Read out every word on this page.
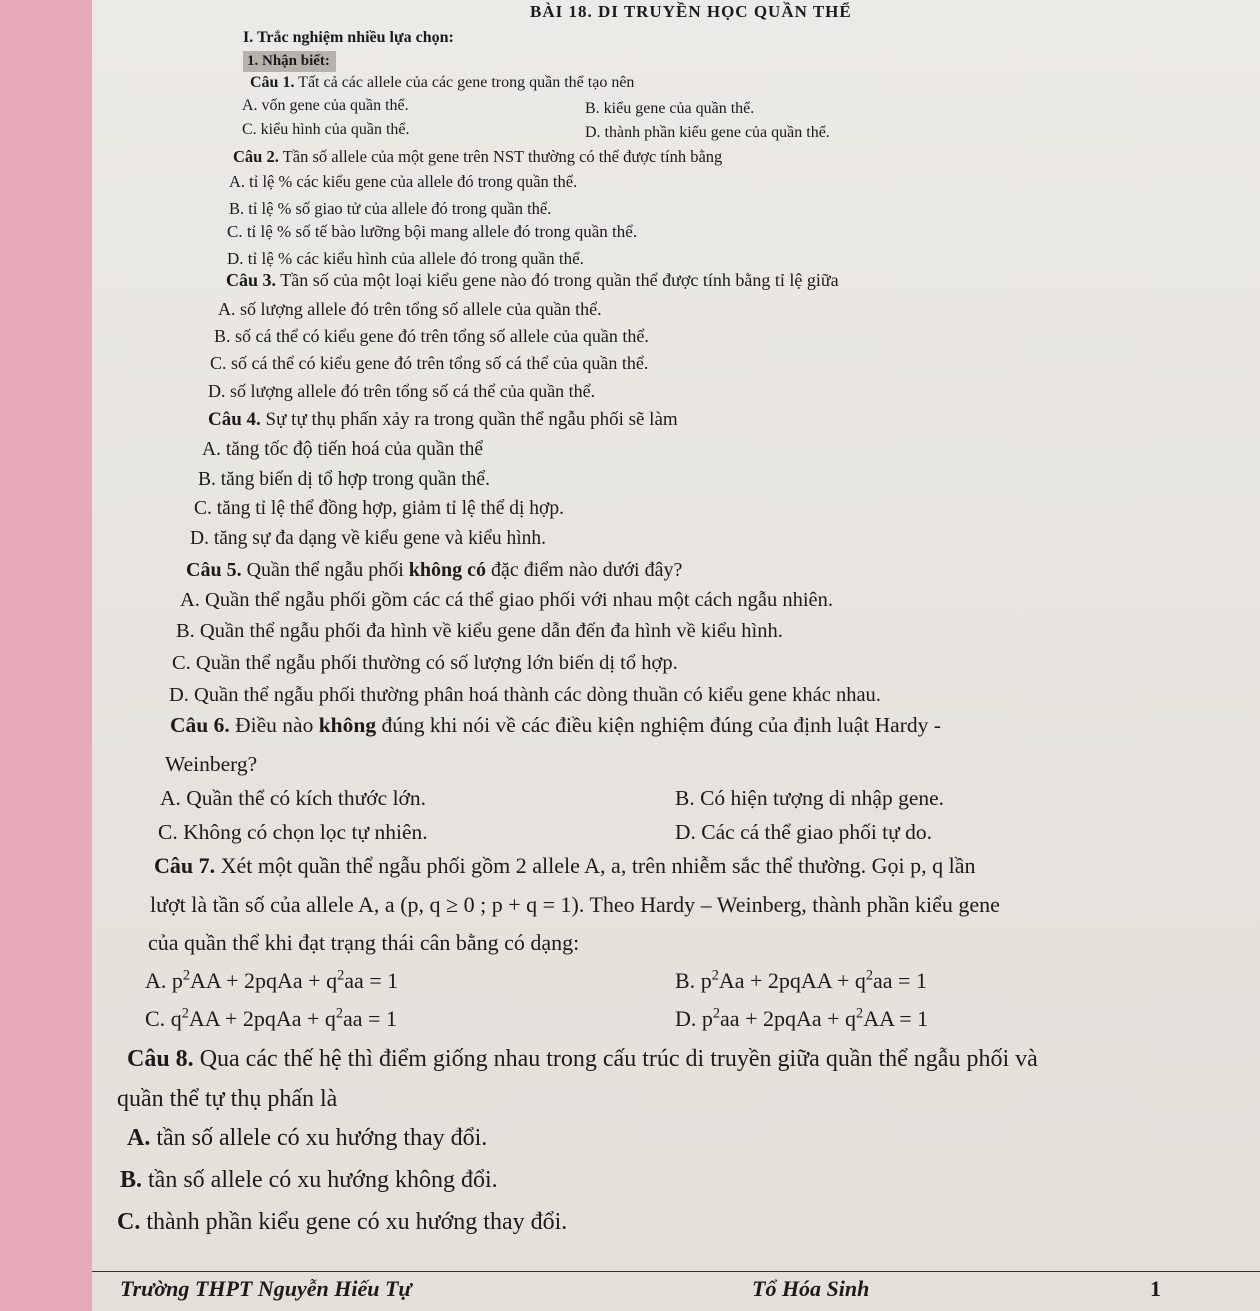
BÀI 18. DI TRUYỀN HỌC QUẦN THỂ
I. Trắc nghiệm nhiều lựa chọn:
1. Nhận biết:
Câu 1. Tất cả các allele của các gene trong quần thể tạo nên
A. vốn gene của quần thể.	B. kiểu gene của quần thể.
C. kiểu hình của quần thể.	D. thành phần kiểu gene của quần thể.
Câu 2. Tần số allele của một gene trên NST thường có thể được tính bằng
A. tỉ lệ % các kiểu gene của allele đó trong quần thể.
B. tỉ lệ % số giao tử của allele đó trong quần thể.
C. tỉ lệ % số tế bào lưỡng bội mang allele đó trong quần thể.
D. tỉ lệ % các kiểu hình của allele đó trong quần thể.
Câu 3. Tần số của một loại kiểu gene nào đó trong quần thể được tính bằng tỉ lệ giữa
A. số lượng allele đó trên tổng số allele của quần thể.
B. số cá thể có kiểu gene đó trên tổng số allele của quần thể.
C. số cá thể có kiểu gene đó trên tổng số cá thể của quần thể.
D. số lượng allele đó trên tổng số cá thể của quần thể.
Câu 4. Sự tự thụ phấn xảy ra trong quần thể ngẫu phối sẽ làm
A. tăng tốc độ tiến hoá của quần thể
B. tăng biến dị tổ hợp trong quần thể.
C. tăng tỉ lệ thể đồng hợp, giảm tỉ lệ thể dị hợp.
D. tăng sự đa dạng về kiểu gene và kiểu hình.
Câu 5. Quần thể ngẫu phối không có đặc điểm nào dưới đây?
A. Quần thể ngẫu phối gồm các cá thể giao phối với nhau một cách ngẫu nhiên.
B. Quần thể ngẫu phối đa hình về kiểu gene dẫn đến đa hình về kiểu hình.
C. Quần thể ngẫu phối thường có số lượng lớn biến dị tổ hợp.
D. Quần thể ngẫu phối thường phân hoá thành các dòng thuần có kiểu gene khác nhau.
Câu 6. Điều nào không đúng khi nói về các điều kiện nghiệm đúng của định luật Hardy -
Weinberg?
A. Quần thể có kích thước lớn.	B. Có hiện tượng di nhập gene.
C. Không có chọn lọc tự nhiên.	D. Các cá thể giao phối tự do.
Câu 7. Xét một quần thể ngẫu phối gồm 2 allele A, a, trên nhiễm sắc thể thường. Gọi p, q lần
lượt là tần số của allele A, a (p, q ≥ 0 ; p + q = 1). Theo Hardy – Weinberg, thành phần kiểu gene
của quần thể khi đạt trạng thái cân bằng có dạng:
A. $p^2AA$ + 2pqAa + $q^2aa = 1$	B. $p^2Aa$ + 2pqAA + $q^2aa = 1$
C. $q^2AA$ + 2pqAa + $q^2aa = 1$	D. $p^2aa$ + 2pqAa + $q^2AA = 1$
Câu 8. Qua các thế hệ thì điểm giống nhau trong cấu trúc di truyền giữa quần thể ngẫu phối và
quần thể tự thụ phấn là
A. tần số allele có xu hướng thay đổi.
B. tần số allele có xu hướng không đổi.
C. thành phần kiểu gene có xu hướng thay đổi.
Trường THPT Nguyễn Hiếu Tự	Tổ Hóa Sinh	1
